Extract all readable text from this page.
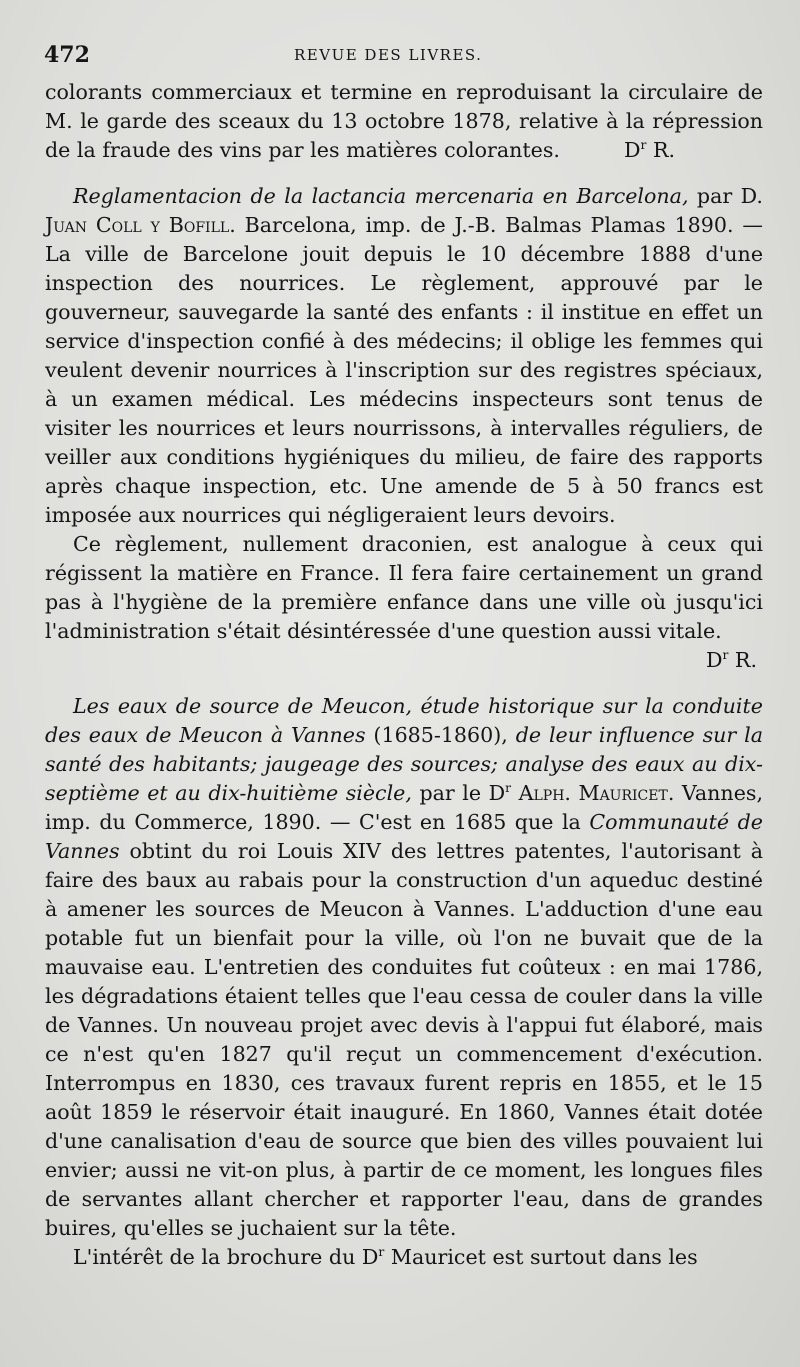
472	REVUE DES LIVRES.

colorants commerciaux et termine en reproduisant la circulaire de M. le garde des sceaux du 13 octobre 1878, relative à la répression de la fraude des vins par les matières colorantes.	$D^r$ R.

Reglamentacion de la lactancia mercenaria en Barcelona, par D. Juan Coll y Bofill. Barcelona, imp. de J.-B. Balmas Plamas 1890. — La ville de Barcelone jouit depuis le 10 décembre 1888 d'une inspection des nourrices. Le règlement, approuvé par le gouverneur, sauvegarde la santé des enfants : il institue en effet un service d'inspection confié à des médecins; il oblige les femmes qui veulent devenir nourrices à l'inscription sur des registres spéciaux, à un examen médical. Les médecins inspecteurs sont tenus de visiter les nourrices et leurs nourrissons, à intervalles réguliers, de veiller aux conditions hygiéniques du milieu, de faire des rapports après chaque inspection, etc. Une amende de 5 à 50 francs est imposée aux nourrices qui négligeraient leurs devoirs.

Ce règlement, nullement draconien, est analogue à ceux qui régissent la matière en France. Il fera faire certainement un grand pas à l'hygiène de la première enfance dans une ville où jusqu'ici l'administration s'était désintéressée d'une question aussi vitale.

$D^r$ R.

Les eaux de source de Meucon, étude historique sur la conduite des eaux de Meucon à Vannes (1685-1860), de leur influence sur la santé des habitants; jaugeage des sources; analyse des eaux au dix-septième et au dix-huitième siècle, par le $D^r$ Alph. Mauricet. Vannes, imp. du Commerce, 1890. — C'est en 1685 que la Communauté de Vannes obtint du roi Louis XIV des lettres patentes, l'autorisant à faire des baux au rabais pour la construction d'un aqueduc destiné à amener les sources de Meucon à Vannes. L'adduction d'une eau potable fut un bienfait pour la ville, où l'on ne buvait que de la mauvaise eau. L'entretien des conduites fut coûteux : en mai 1786, les dégradations étaient telles que l'eau cessa de couler dans la ville de Vannes. Un nouveau projet avec devis à l'appui fut élaboré, mais ce n'est qu'en 1827 qu'il reçut un commencement d'exécution. Interrompus en 1830, ces travaux furent repris en 1855, et le 15 août 1859 le réservoir était inauguré. En 1860, Vannes était dotée d'une canalisation d'eau de source que bien des villes pouvaient lui envier; aussi ne vit-on plus, à partir de ce moment, les longues files de servantes allant chercher et rapporter l'eau, dans de grandes buires, qu'elles se juchaient sur la tête.

L'intérêt de la brochure du $D^r$ Mauricet est surtout dans les
